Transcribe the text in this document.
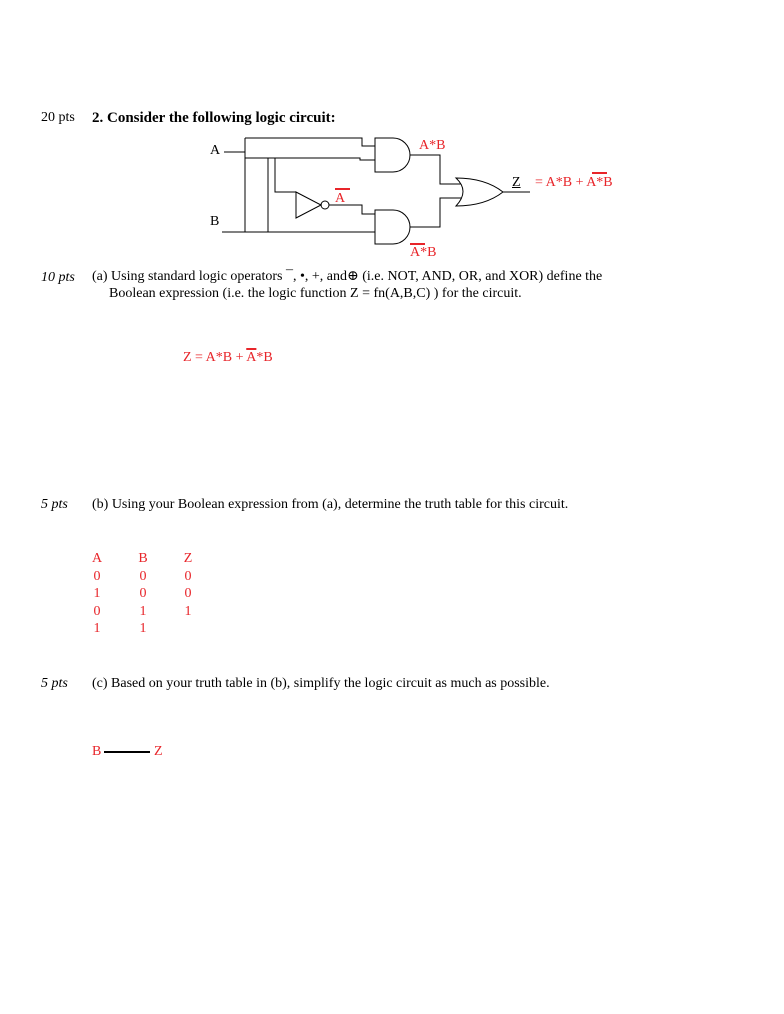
20 pts 2. Consider the following logic circuit:
A
B
A
A*B
A*B
Z = A*B + A*B
10 pts (a) Using standard logic operators ¯, •, +, and⊕ (i.e. NOT, AND, OR, and XOR) define the
Boolean expression (i.e. the logic function Z = fn(A,B,C) ) for the circuit.
$Z = A*B + \overline{A}*B$
5 pts (b) Using your Boolean expression from (a), determine the truth table for this circuit.
A
0
1
0
1
B
0
0
1
1
Z
0
0
1
5 pts (c) Based on your truth table in (b), simplify the logic circuit as much as possible.
B	Z
